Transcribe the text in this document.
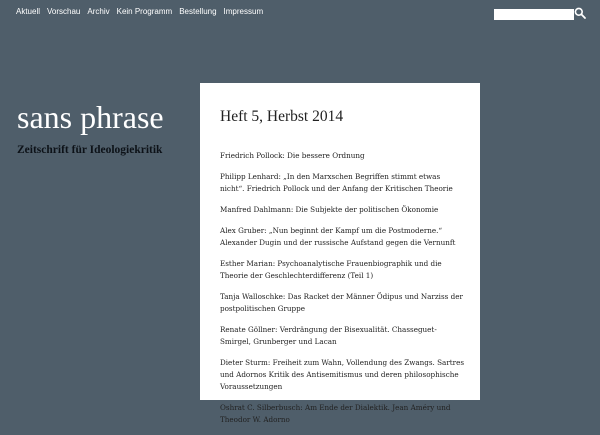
Aktuell Vorschau Archiv Kein Programm Bestellung Impressum
sans phrase

Zeitschrift für Ideologiekritik

Heft 5, Herbst 2014
Friedrich Pollock: Die bessere Ordnung
Philipp Lenhard: „In den Marxschen Begriffen stimmt etwas nicht“. Friedrich Pollock und der Anfang der Kritischen Theorie
Manfred Dahlmann: Die Subjekte der politischen Ökonomie
Alex Gruber: „Nun beginnt der Kampf um die Postmoderne.“ Alexander Dugin und der russische Aufstand gegen die Vernunft
Esther Marian: Psychoanalytische Frauenbiographik und die Theorie der Geschlechterdifferenz (Teil 1)
Tanja Walloschke: Das Racket der Männer Ödipus und Narziss der postpolitischen Gruppe
Renate Göllner: Verdrängung der Bisexualität. Chasseguet-Smirgel, Grunberger und Lacan
Dieter Sturm: Freiheit zum Wahn, Vollendung des Zwangs. Sartres und Adornos Kritik des Antisemitismus und deren philosophische Voraussetzungen
Oshrat C. Silberbusch: Am Ende der Dialektik. Jean Améry und Theodor W. Adorno
